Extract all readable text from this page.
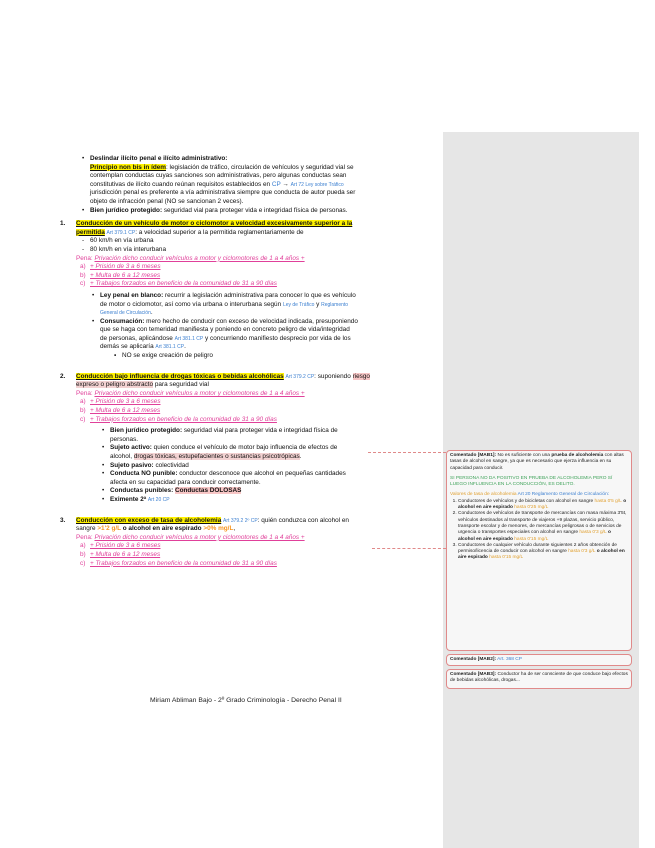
• Deslindar ilícito penal e ilícito administrativo:
Principio non bis in ídem: legislación de tráfico, circulación de vehículos y seguridad vial se
contemplan conductas cuyas sanciones son administrativas, pero algunas conductas sean
constitutivas de ilícito cuando reúnan requisitos establecidos en CP → Art 72 Ley sobre Tráfico
jurisdicción penal es preferente a vía administrativa siempre que conducta de autor pueda ser
objeto de infracción penal (NO se sancionan 2 veces).
• Bien jurídico protegido: seguridad vial para proteger vida e integridad física de personas.
1. Conducción de un vehículo de motor o ciclomotor a velocidad excesivamente superior a la
permitida Art 379.1 CP: a velocidad superior a la permitida reglamentariamente de
- 60 km/h en vía urbana
- 80 km/h en vía interurbana
Pena: Privación dicho conducir vehículos a motor y ciclomotores de 1 a 4 años +
a) + Prisión de 3 a 6 meses
b) + Multa de 6 a 12 meses
c) + Trabajos forzados en beneficio de la comunidad de 31 a 90 días
• Ley penal en blanco: recurrir a legislación administrativa para conocer lo que es vehículo
de motor o ciclomotor, así como vía urbana o interurbana según Ley de Tráfico y Reglamento
General de Circulación.
• Consumación: mero hecho de conducir con exceso de velocidad indicada, presuponiendo
que se haga con temeridad manifiesta y poniendo en concreto peligro de vida/integridad
de personas, aplicándose Art 381.1 CP y concurriendo manifiesto desprecio por vida de los
demás se aplicaría Art 381.1 CP.
▪ NO se exige creación de peligro
2. Conducción bajo influencia de drogas tóxicas o bebidas alcohólicas Art 379.2 CP: suponiendo riesgo
expreso o peligro abstracto para seguridad vial
Pena: Privación dicho conducir vehículos a motor y ciclomotores de 1 a 4 años +
a) + Prisión de 3 a 6 meses
b) + Multa de 6 a 12 meses
c) + Trabajos forzados en beneficio de la comunidad de 31 a 90 días
• Bien jurídico protegido: seguridad vial para proteger vida e integridad física de
personas.
• Sujeto activo: quien conduce el vehículo de motor bajo influencia de efectos de
alcohol, drogas tóxicas, estupefacientes o sustancias psicotrópicas.
• Sujeto pasivo: colectividad
• Conducta NO punible: conductor desconoce que alcohol en pequeñas cantidades
afecta en su capacidad para conducir correctamente.
• Conductas punibles: Conductas DOLOSAS
• Eximente 2ª Art 20 CP
3. Conducción con exceso de tasa de alcoholemia Art 379.2 2º CP: quién conduzca con alcohol en
sangre >1'2 g/L o alcohol en aire espirado >0% mg/L,
Pena: Privación dicho conducir vehículos a motor y ciclomotores de 1 a 4 años +
a) + Prisión de 3 a 6 meses
b) + Multa de 6 a 12 meses
c) + Trabajos forzados en beneficio de la comunidad de 31 a 90 días
Miriam Abliman Bajo - 2º Grado Criminología - Derecho Penal II
Comentado [MAB1]: No es suficiente con una prueba de alcoholemia con altas tasas de alcohol en sangre, ya que es necesario que ejerza influencia en su capacidad para conducir.
SI PERSONA NO DA POSITIVO EN PRUEBA DE ALCOHOLEMIA PERO SÍ LUEGO INFLUENCIA EN LA CONDUCCIÓN, ES DELITO.
Valores de tasa de alcoholemia Art 20 Reglamento General de Circulación:
1. Conductores de vehículos y de bicicletas con alcohol en sangre hasta 0'5 g/L o alcohol en aire espirado hasta 0'25 mg/L
2. Conductores de vehículos de transporte de mercancías con masa máxima 3'5t, vehículos destinados al transporte de viajeros +9 plazas, servicio público, transporte escolar y de menores, de mercancías peligrosas o de servicios de urgencia o transportes especiales con alcohol en sangre hasta 0'3 g/L o alcohol en aire espirado hasta 0'15 mg/L
3. Conductores de cualquier vehículo durante siguientes 2 años obtención de permiso/licencia de conducir con alcohol en sangre hasta 0'3 g/L o alcohol en aire espirado hasta 0'15 mg/L
Comentado [MAB2]: Art. 368 CP
Comentado [MAB3]: Conductor ha de ser consciente de que conduce bajo efectos de bebidas alcohólicas, drogas...
